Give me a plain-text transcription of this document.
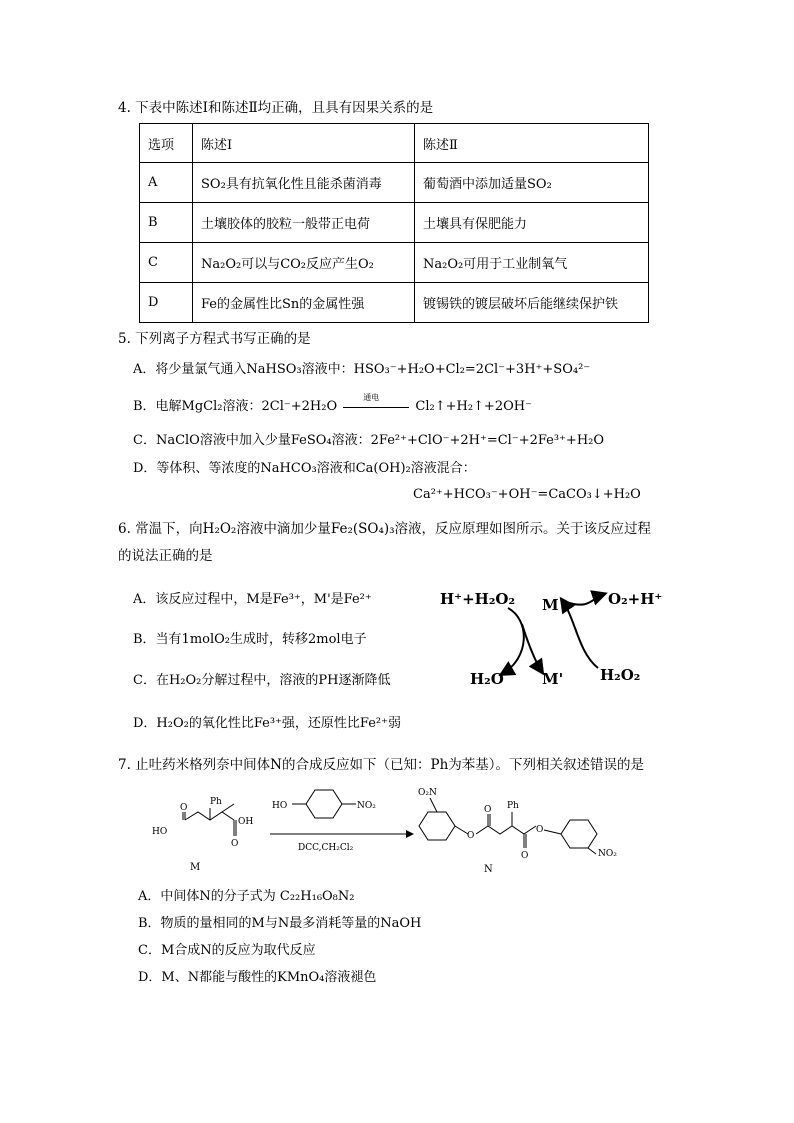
4. 下表中陈述Ⅰ和陈述Ⅱ均正确，且具有因果关系的是
选项	陈述Ⅰ	陈述Ⅱ
A	SO₂具有抗氧化性且能杀菌消毒	葡萄酒中添加适量SO₂
B	土壤胶体的胶粒一般带正电荷	土壤具有保肥能力
C	Na₂O₂可以与CO₂反应产生O₂	Na₂O₂可用于工业制氧气
D	Fe的金属性比Sn的金属性强	镀锡铁的镀层破坏后能继续保护铁
5. 下列离子方程式书写正确的是
A．将少量氯气通入NaHSO₃溶液中：HSO₃⁻+H₂O+Cl₂=2Cl⁻+3H⁺+SO₄²⁻
B．电解MgCl₂溶液：2Cl⁻+2H₂O
通电
Cl₂↑+H₂↑+2OH⁻
C．NaClO溶液中加入少量FeSO₄溶液：2Fe²⁺+ClO⁻+2H⁺=Cl⁻+2Fe³⁺+H₂O
D．等体积、等浓度的NaHCO₃溶液和Ca(OH)₂溶液混合：
Ca²⁺+HCO₃⁻+OH⁻=CaCO₃↓+H₂O
6. 常温下，向H₂O₂溶液中滴加少量Fe₂(SO₄)₃溶液，反应原理如图所示。关于该反应过程
的说法正确的是
A．该反应过程中，M是Fe³⁺，M'是Fe²⁺
B．当有1molO₂生成时，转移2mol电子
C．在H₂O₂分解过程中，溶液的PH逐渐降低
D．H₂O₂的氧化性比Fe³⁺强，还原性比Fe²⁺弱
H⁺+H₂O₂ M	O₂+H⁺
H₂O	M' H₂O₂
7. 止吐药米格列奈中间体N的合成反应如下（已知：Ph为苯基）。下列相关叙述错误的是
Ph
HO
OH
O
O
M
HO	NO₂
DCC,CH₂Cl₂
O₂N
Ph
O
O
O
O
NO₂
N
A．中间体N的分子式为 C₂₂H₁₆O₈N₂
B．物质的量相同的M与N最多消耗等量的NaOH
C．M合成N的反应为取代反应
D．M、N都能与酸性的KMnO₄溶液褪色
